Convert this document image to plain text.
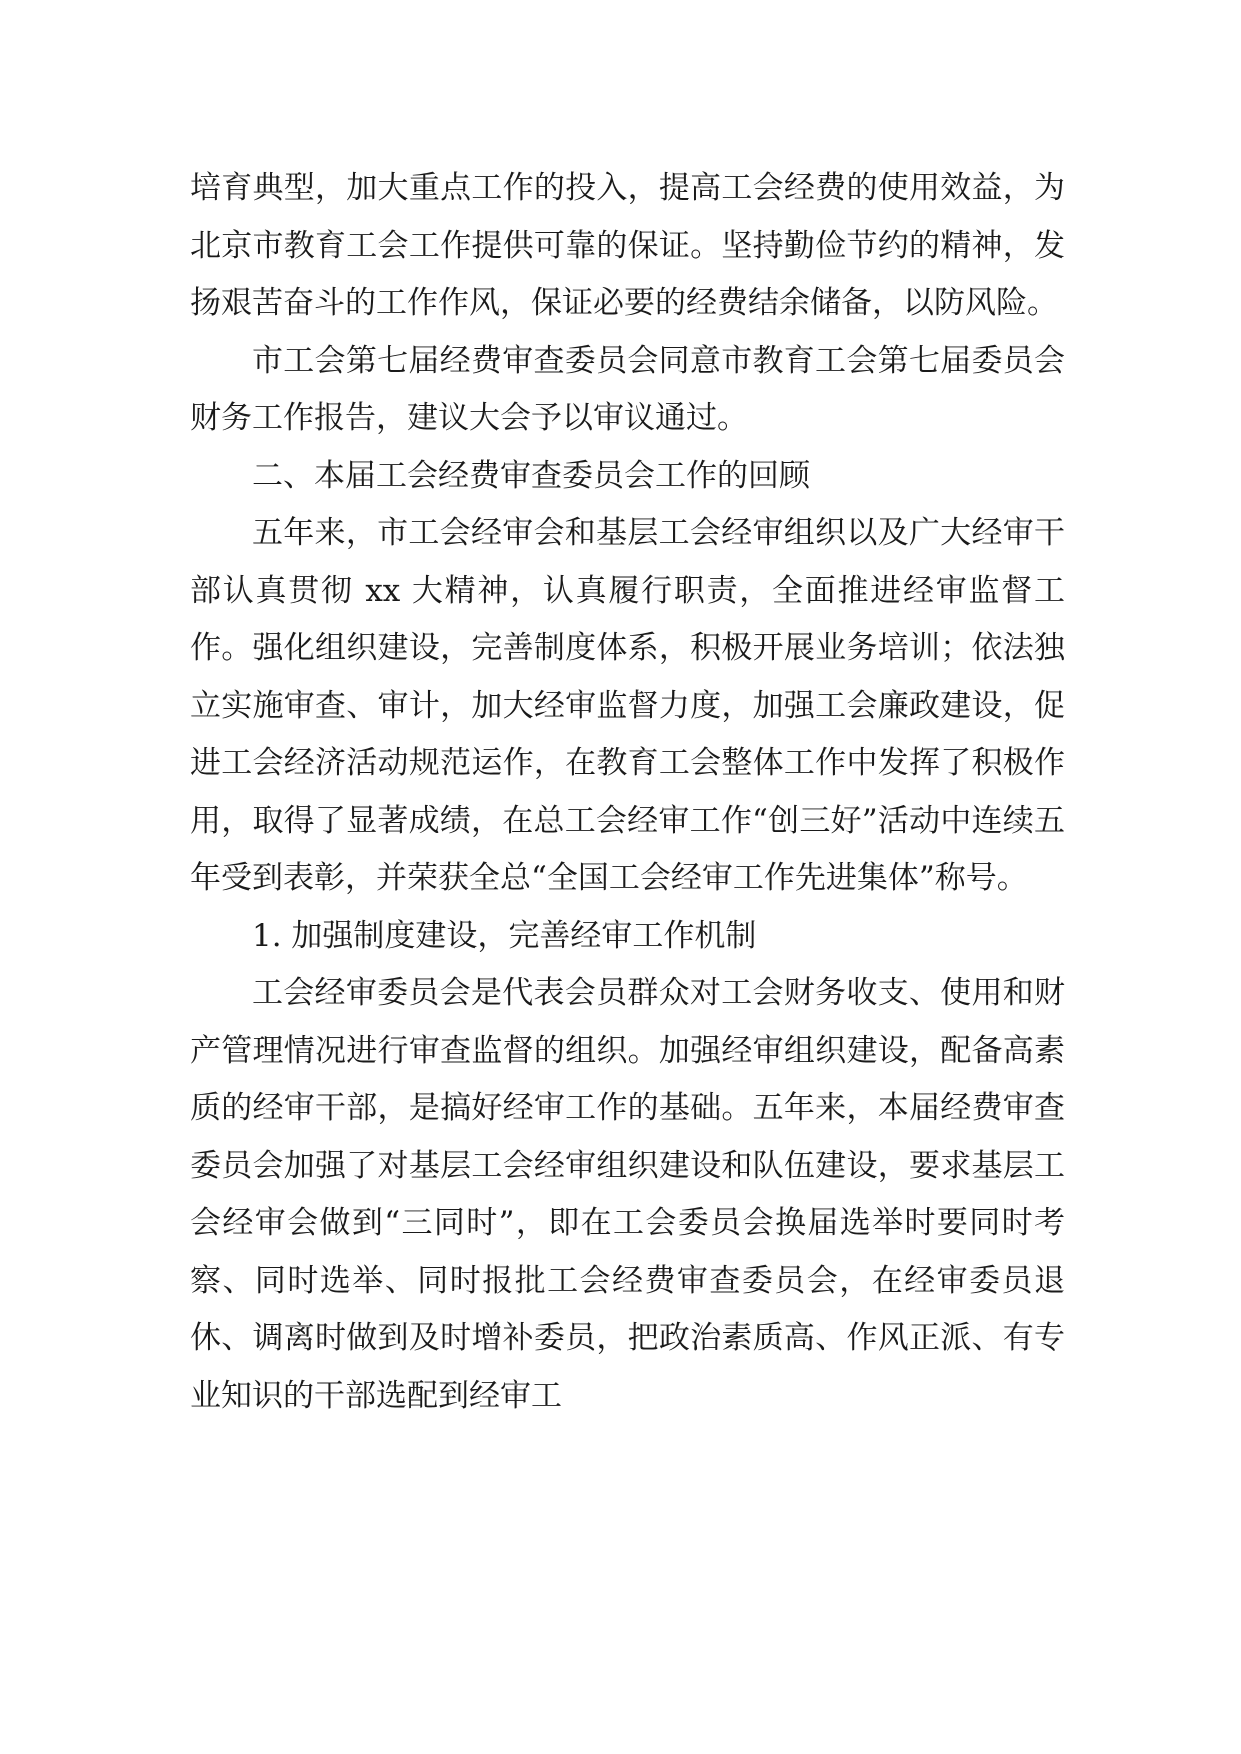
培育典型，加大重点工作的投入，提高工会经费的使用效益，为北京市教育工会工作提供可靠的保证。坚持勤俭节约的精神，发扬艰苦奋斗的工作作风，保证必要的经费结余储备，以防风险。

市工会第七届经费审查委员会同意市教育工会第七届委员会财务工作报告，建议大会予以审议通过。

二、本届工会经费审查委员会工作的回顾

五年来，市工会经审会和基层工会经审组织以及广大经审干部认真贯彻 xx 大精神，认真履行职责，全面推进经审监督工作。强化组织建设，完善制度体系，积极开展业务培训；依法独立实施审查、审计，加大经审监督力度，加强工会廉政建设，促进工会经济活动规范运作，在教育工会整体工作中发挥了积极作用，取得了显著成绩，在总工会经审工作“创三好”活动中连续五年受到表彰，并荣获全总“全国工会经审工作先进集体”称号。

1. 加强制度建设，完善经审工作机制

工会经审委员会是代表会员群众对工会财务收支、使用和财产管理情况进行审查监督的组织。加强经审组织建设，配备高素质的经审干部，是搞好经审工作的基础。五年来，本届经费审查委员会加强了对基层工会经审组织建设和队伍建设，要求基层工会经审会做到“三同时”，即在工会委员会换届选举时要同时考察、同时选举、同时报批工会经费审查委员会，在经审委员退休、调离时做到及时增补委员，把政治素质高、作风正派、有专业知识的干部选配到经审工
